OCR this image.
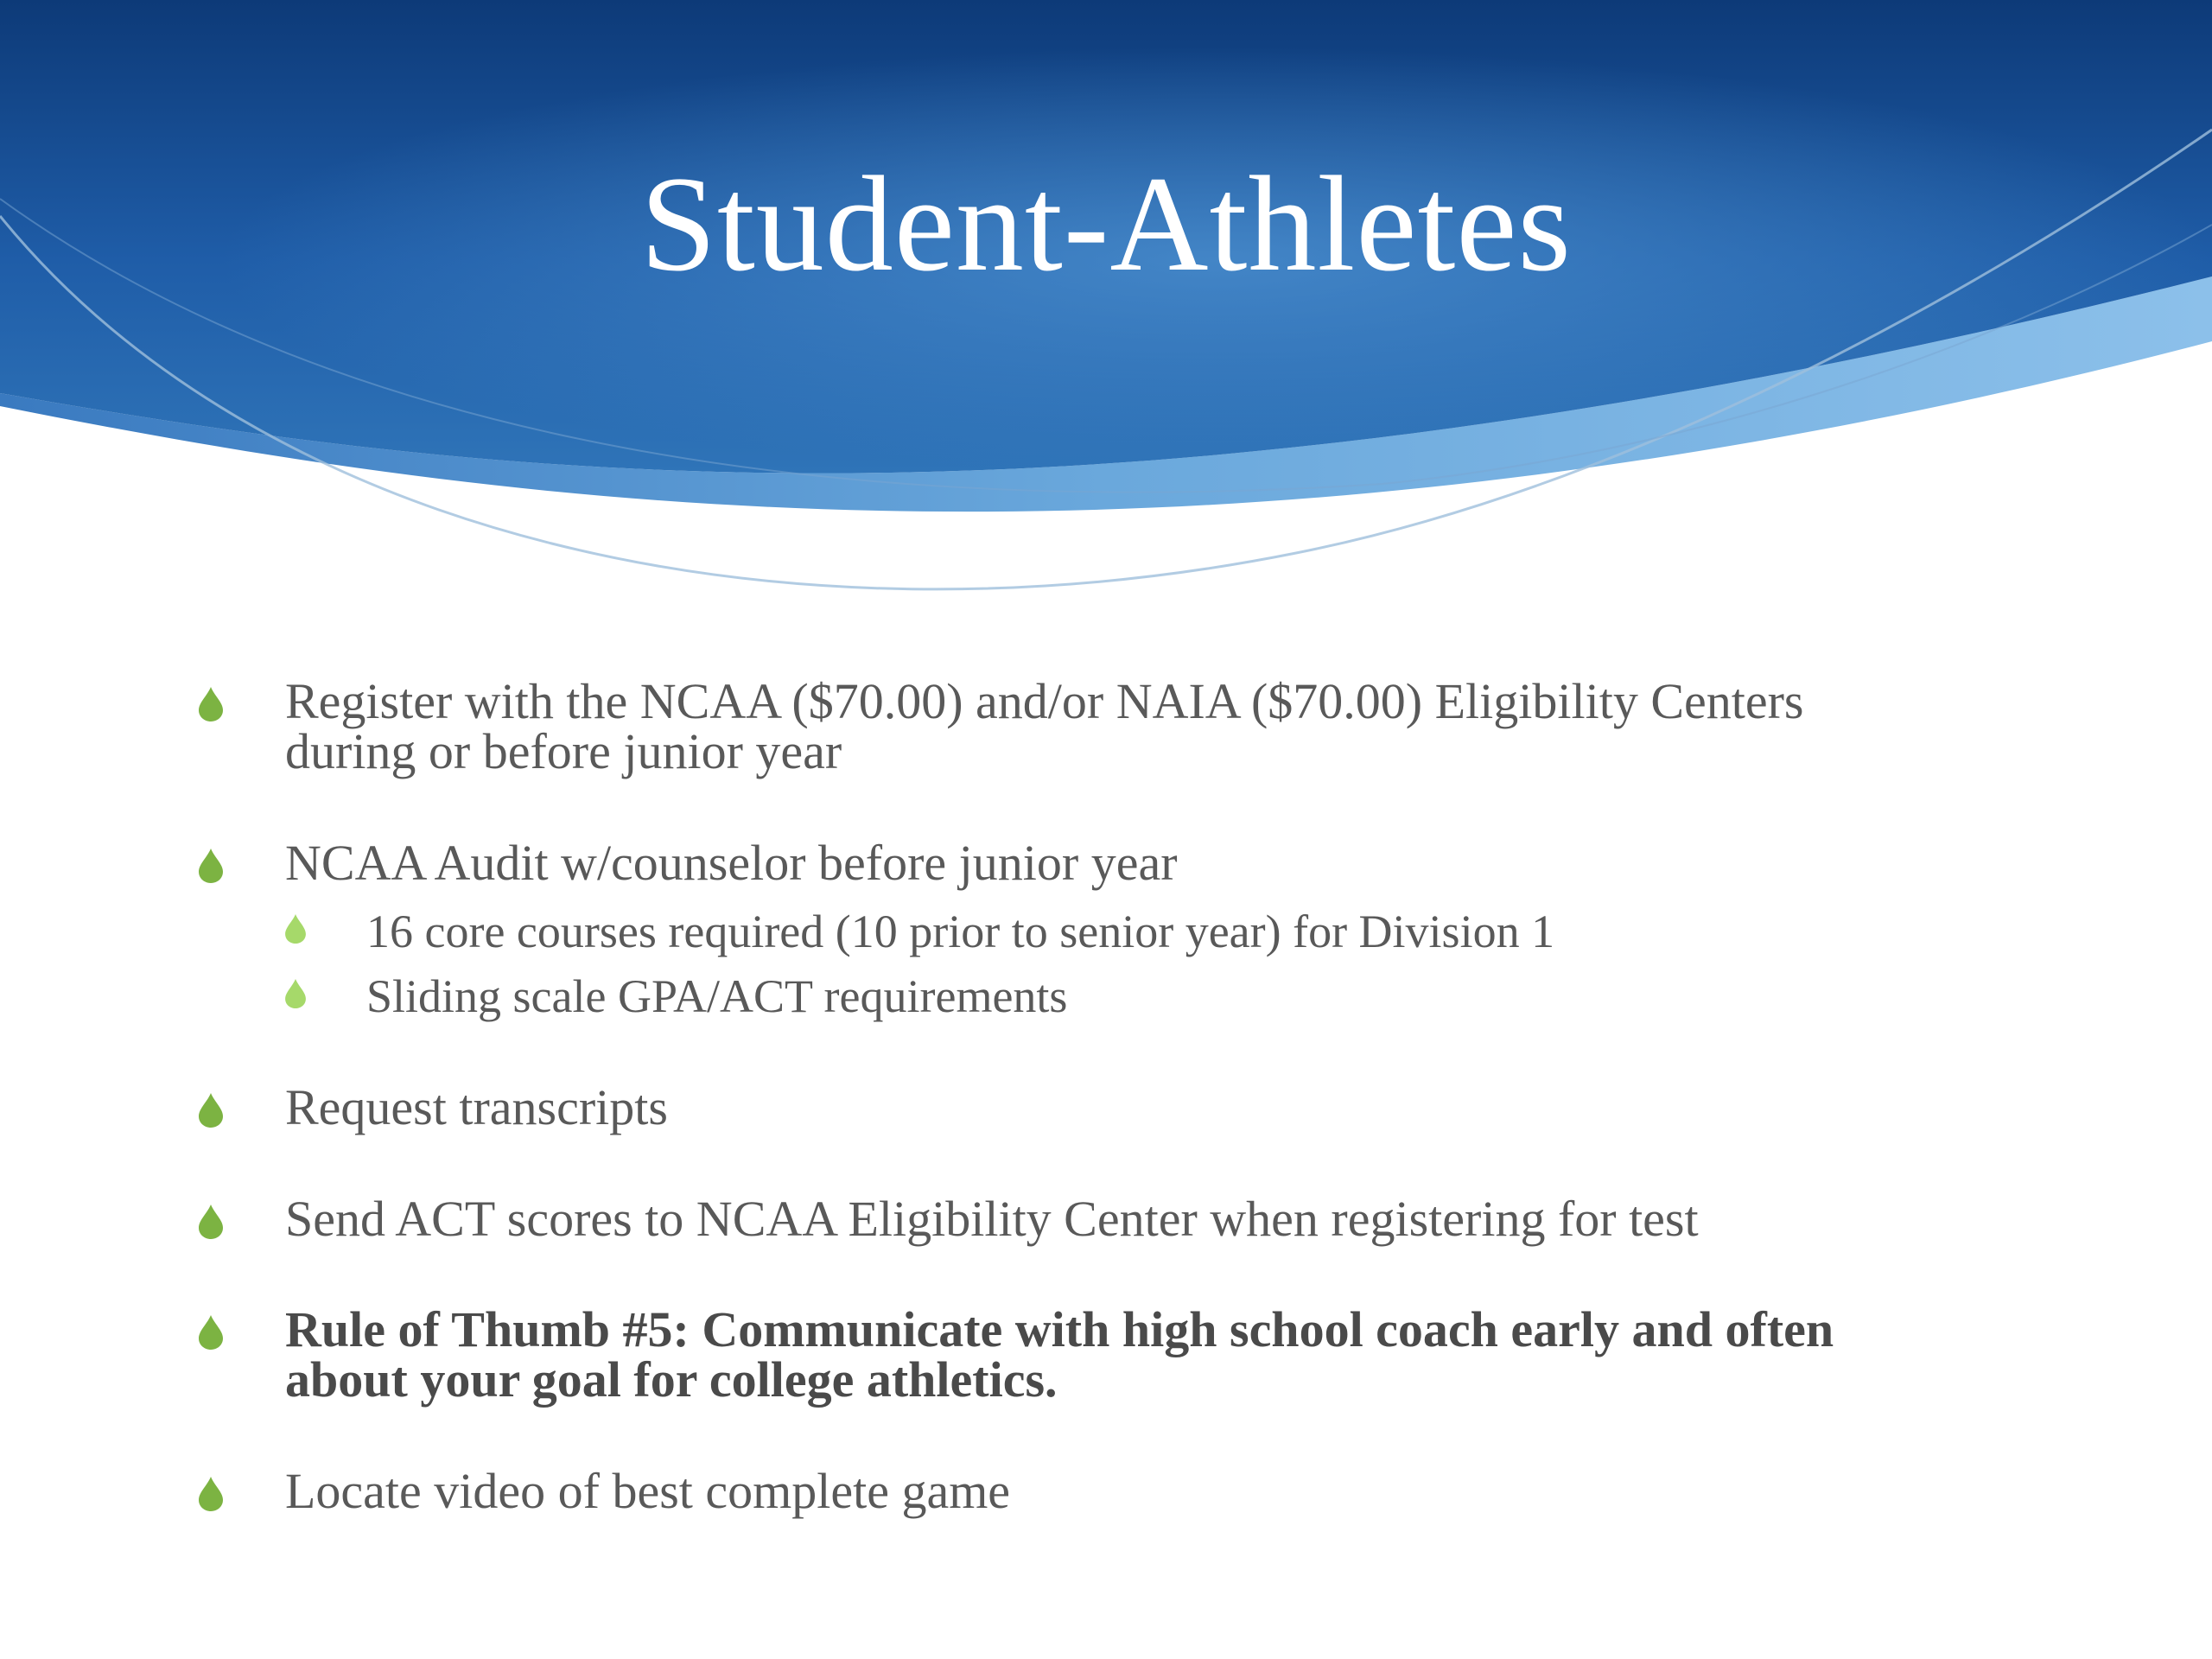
Student-Athletes
Register with the NCAA ($70.00) and/or NAIA ($70.00) Eligibility Centers
during or before junior year
NCAA Audit w/counselor before junior year
16 core courses required (10 prior to senior year) for Division 1
Sliding scale GPA/ACT requirements
Request transcripts
Send ACT scores to NCAA Eligibility Center when registering for test
Rule of Thumb #5: Communicate with high school coach early and often
about your goal for college athletics.
Locate video of best complete game
